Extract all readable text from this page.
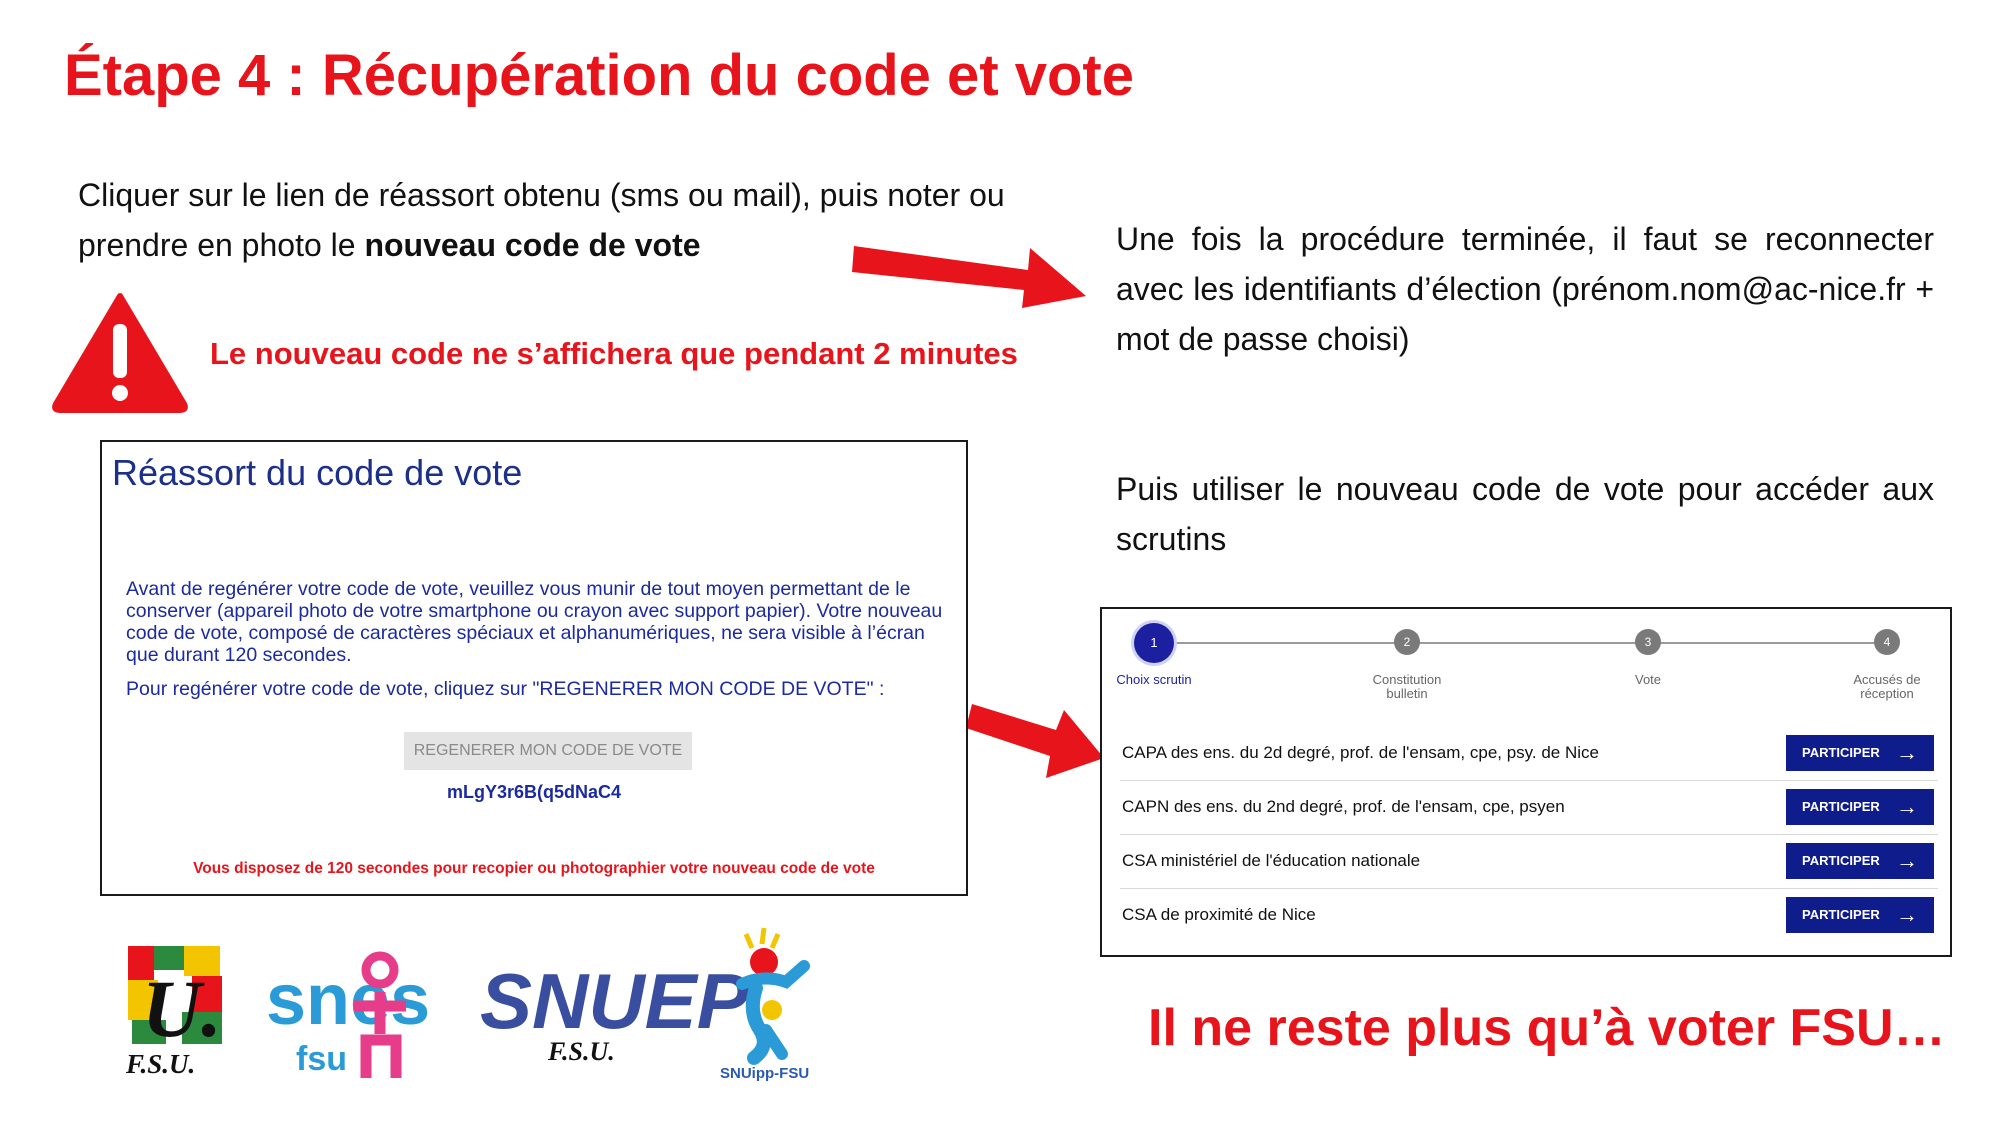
Étape 4 : Récupération du code et vote
Cliquer sur le lien de réassort obtenu (sms ou mail), puis noter ou prendre en photo le nouveau code de vote
Le nouveau code ne s’affichera que pendant 2 minutes
Une fois la procédure terminée, il faut se reconnecter avec les identifiants d’élection (prénom.nom@ac-nice.fr + mot de passe choisi)
Puis utiliser le nouveau code de vote pour accéder aux scrutins
Réassort du code de vote

Avant de regénérer votre code de vote, veuillez vous munir de tout moyen permettant de le conserver (appareil photo de votre smartphone ou crayon avec support papier). Votre nouveau code de vote, composé de caractères spéciaux et alphanumériques, ne sera visible à l’écran que durant 120 secondes.

Pour regénérer votre code de vote, cliquez sur "REGENERER MON CODE DE VOTE" :

REGENERER MON CODE DE VOTE
mLgY3r6B(q5dNaC4
Vous disposez de 120 secondes pour recopier ou photographier votre nouveau code de vote
1	2	3	4
Choix scrutin	Constitution
bulletin
Vote	Accusés de
réception
CAPA des ens. du 2d degré, prof. de l'ensam, cpe, psy. de Nice	PARTICIPER →
CAPN des ens. du 2nd degré, prof. de l'ensam, cpe, psyen	PARTICIPER →
CSA ministériel de l'éducation nationale	PARTICIPER →
CSA de proximité de Nice	PARTICIPER →
Il ne reste plus qu’à voter FSU…
U.
F.S.U.
snes
fsu
SNUEP
F.S.U.
SNUipp-FSU
